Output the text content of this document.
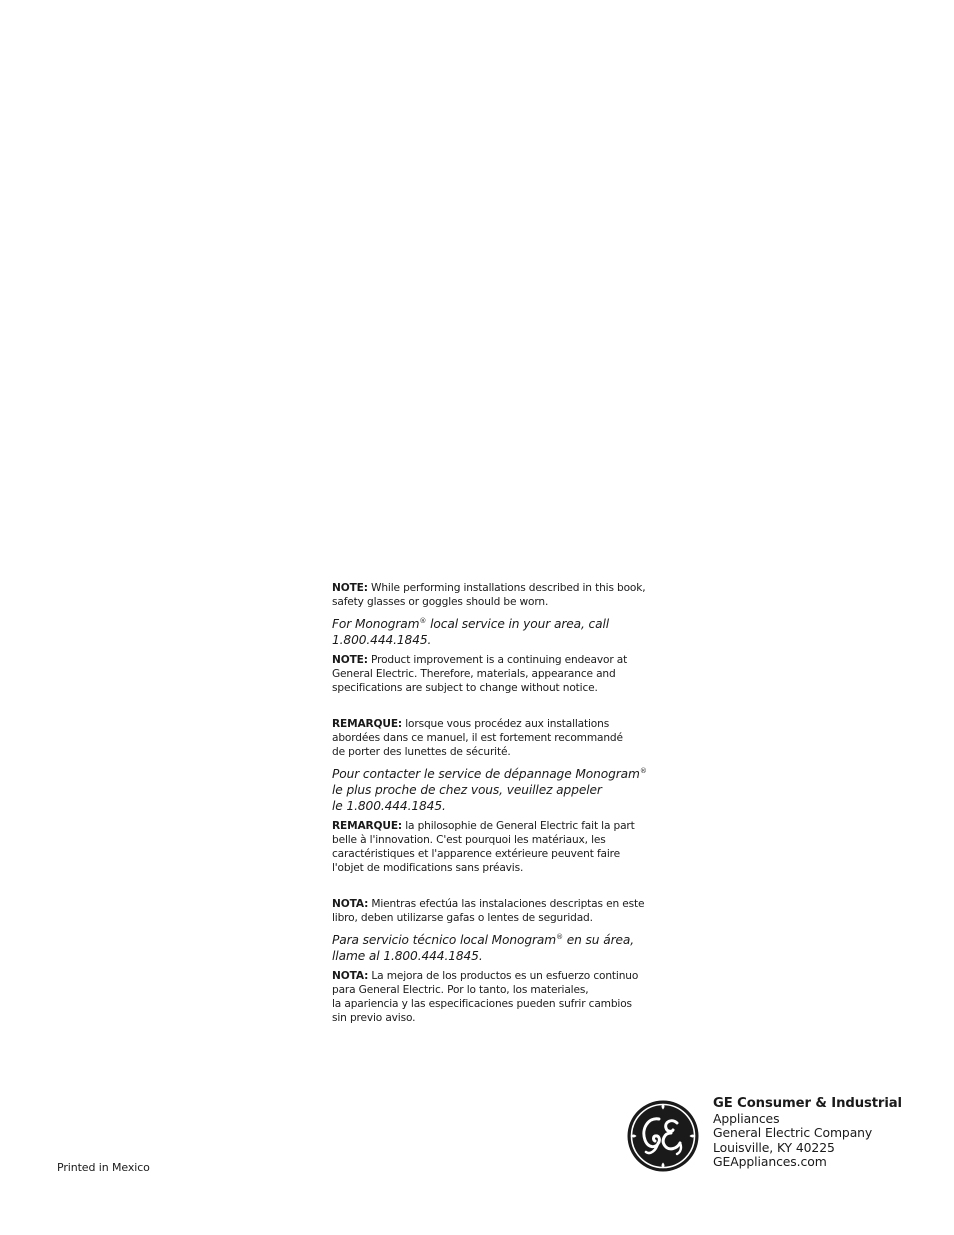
NOTE: While performing installations described in this book,
safety glasses or goggles should be worn.

For Monogram® local service in your area, call
1.800.444.1845.

NOTE: Product improvement is a continuing endeavor at
General Electric. Therefore, materials, appearance and
specifications are subject to change without notice.

REMARQUE: lorsque vous procédez aux installations
abordées dans ce manuel, il est fortement recommandé
de porter des lunettes de sécurité.

Pour contacter le service de dépannage Monogram®
le plus proche de chez vous, veuillez appeler
le 1.800.444.1845.

REMARQUE: la philosophie de General Electric fait la part
belle à l'innovation. C'est pourquoi les matériaux, les
caractéristiques et l'apparence extérieure peuvent faire
l'objet de modifications sans préavis.

NOTA: Mientras efectúa las instalaciones descriptas en este
libro, deben utilizarse gafas o lentes de seguridad.

Para servicio técnico local Monogram® en su área,
llame al 1.800.444.1845.

NOTA: La mejora de los productos es un esfuerzo continuo
para General Electric. Por lo tanto, los materiales,
la apariencia y las especificaciones pueden sufrir cambios
sin previo aviso.

Printed in Mexico
GE Consumer & Industrial
Appliances
General Electric Company
Louisville, KY 40225
GEAppliances.com
